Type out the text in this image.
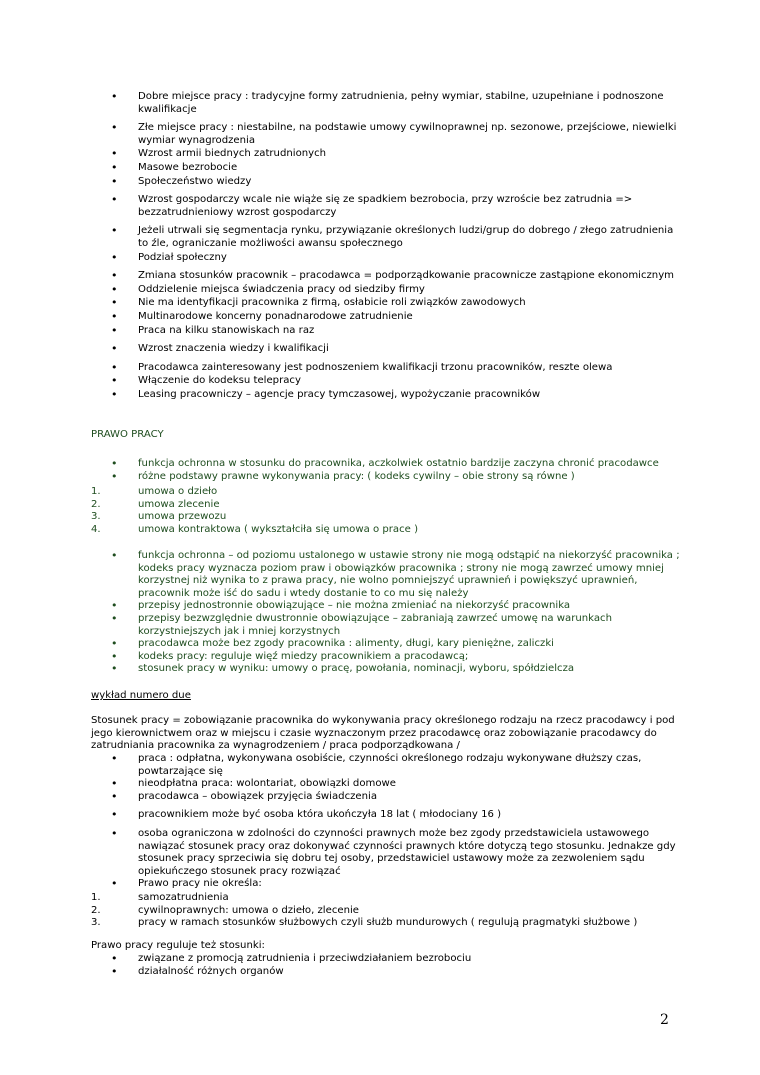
• Dobre miejsce pracy : tradycyjne formy zatrudnienia, pełny wymiar, stabilne, uzupełniane i podnoszone kwalifikacje
• Złe miejsce pracy : niestabilne, na podstawie umowy cywilnoprawnej np. sezonowe, przejściowe, niewielki wymiar wynagrodzenia
• Wzrost armii biednych zatrudnionych
• Masowe bezrobocie
• Społeczeństwo wiedzy
• Wzrost gospodarczy wcale nie wiąże się ze spadkiem bezrobocia, przy wzroście bez zatrudnia => bezzatrudnieniowy wzrost gospodarczy
• Jeżeli utrwali się segmentacja rynku, przywiązanie określonych ludzi/grup do dobrego / złego zatrudnienia to źle, ograniczanie możliwości awansu społecznego
• Podział społeczny
• Zmiana stosunków pracownik – pracodawca = podporządkowanie pracownicze zastąpione ekonomicznym
• Oddzielenie miejsca świadczenia pracy od siedziby firmy
• Nie ma identyfikacji pracownika z firmą, osłabicie roli związków zawodowych
• Multinarodowe koncerny ponadnarodowe zatrudnienie
• Praca na kilku stanowiskach na raz
• Wzrost znaczenia wiedzy i kwalifikacji
• Pracodawca zainteresowany jest podnoszeniem kwalifikacji trzonu pracowników, reszte olewa
• Włączenie do kodeksu telepracy
• Leasing pracowniczy – agencje pracy tymczasowej, wypożyczanie pracowników
PRAWO PRACY
• funkcja ochronna w stosunku do pracownika, aczkolwiek ostatnio bardzije zaczyna chronić pracodawce
• różne podstawy prawne wykonywania pracy: ( kodeks cywilny – obie strony są równe )
1.	umowa o dzieło
2.	umowa zlecenie
3.	umowa przewozu
4.	umowa kontraktowa ( wykształciła się umowa o prace )
• funkcja ochronna – od poziomu ustalonego w ustawie strony nie mogą odstąpić na niekorzyść pracownika ; kodeks pracy wyznacza poziom praw i obowiązków pracownika ; strony nie mogą zawrzeć umowy mniej korzystnej niż wynika to z prawa pracy, nie wolno pomniejszyć uprawnień i powiększyć uprawnień, pracownik może iść do sadu i wtedy dostanie to co mu się należy
• przepisy jednostronnie obowiązujące – nie można zmieniać na niekorzyść pracownika
• przepisy bezwzględnie dwustronnie obowiązujące – zabraniają zawrzeć umowę na warunkach korzystniejszych jak i mniej korzystnych
• pracodawca może bez zgody pracownika : alimenty, długi, kary pieniężne, zaliczki
• kodeks pracy: reguluje więź miedzy pracownikiem a pracodawcą;
• stosunek pracy w wyniku: umowy o pracę, powołania, nominacji, wyboru, spółdzielcza
wykład numero due

Stosunek pracy = zobowiązanie pracownika do wykonywania pracy określonego rodzaju na rzecz pracodawcy i pod jego kierownictwem oraz w miejscu i czasie wyznaczonym przez pracodawcę oraz zobowiązanie pracodawcy do zatrudniania pracownika za wynagrodzeniem / praca podporządkowana /

• praca : odpłatna, wykonywana osobiście, czynności określonego rodzaju wykonywane dłuższy czas, powtarzające się
• nieodpłatna praca: wolontariat, obowiązki domowe
• pracodawca – obowiązek przyjęcia świadczenia
• pracownikiem może być osoba która ukończyła 18 lat ( młodociany 16 )
• osoba ograniczona w zdolności do czynności prawnych może bez zgody przedstawiciela ustawowego nawiązać stosunek pracy oraz dokonywać czynności prawnych które dotyczą tego stosunku. Jednakze gdy stosunek pracy sprzeciwia się dobru tej osoby, przedstawiciel ustawowy może za zezwoleniem sądu opiekuńczego stosunek pracy rozwiązać
• Prawo pracy nie określa:
1.	samozatrudnienia
2.	cywilnoprawnych: umowa o dzieło, zlecenie
3.	pracy w ramach stosunków służbowych czyli służb mundurowych ( regulują pragmatyki służbowe )

Prawo pracy reguluje też stosunki:

• związane z promocją zatrudnienia i przeciwdziałaniem bezrobociu
• działalność różnych organów
2
